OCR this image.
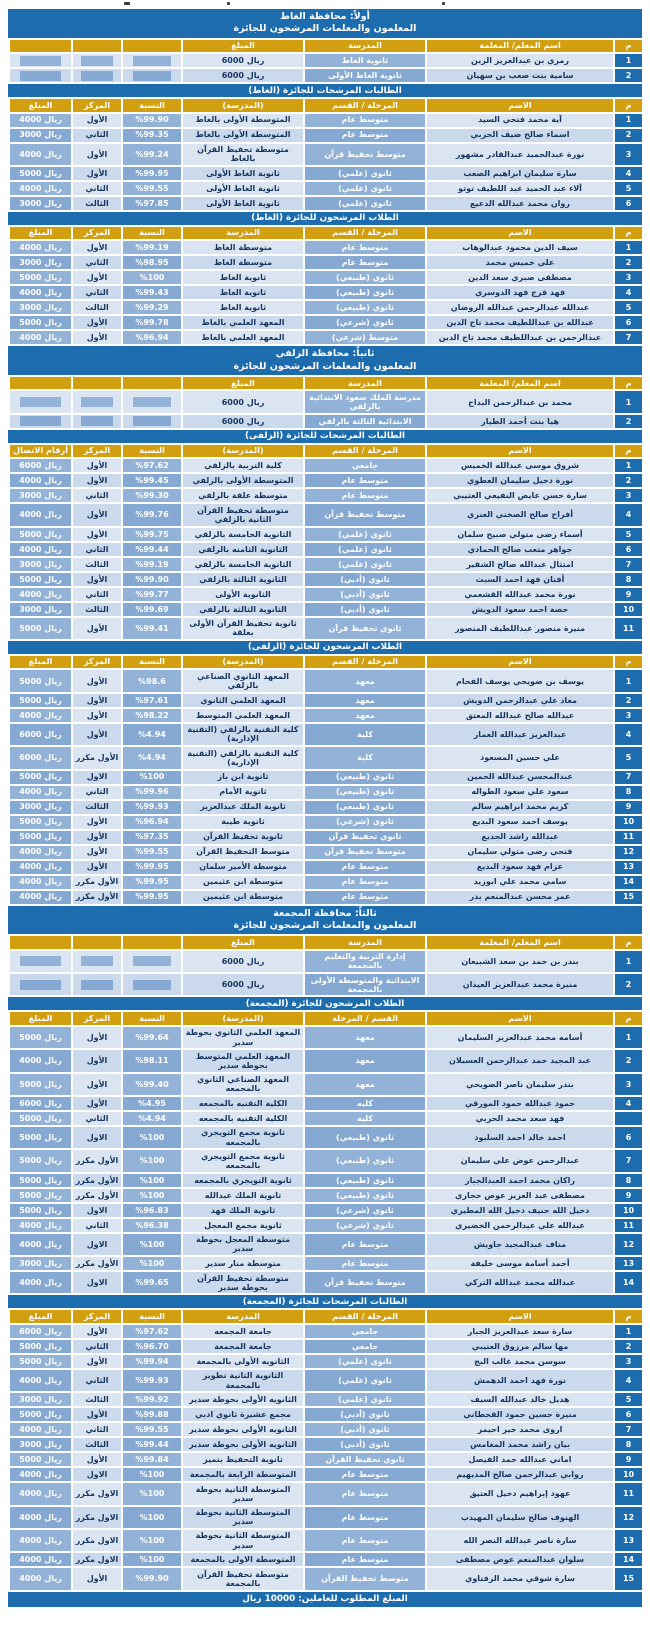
أولاً: محافظة الغاط
المعلمون والمعلمات المرشحون للجائزة
م
اسم المعلم/ المعلمة
المدرسة
المبلغ
1
رمزي بن عبدالعزيز الزين
ثانوية الغاط
6000 ريال
2
سامية بنت صعب بن سهيان
ثانوية الغاط الأولى
6000 ريال
الطالبات المرشحات للجائزة (الغاط)
م
الاسم
المرحلة / القسم
(المدرسة)
النسبة
المركز
المبلغ
1
آية محمد فتحي السيد
متوسط عام
المتوسطة الأولى بالغاط
%99.90
الأول
4000 ريال
2
اسماء صالح ضيف الحربي
متوسط عام
المتوسطة الأولى بالغاط
%99.35
الثاني
3000 ريال
3
نورة عبدالحميد عبدالقادر مشهور
متوسط تحفيظ قرآن
متوسطة تحفيظ القرآن بالغاط
%99.24
الأول
4000 ريال
4
سارة سليمان ابراهيم الصعب
ثانوي (علمي)
ثانوية الغاط الأولى
%99.95
الأول
5000 ريال
5
آلاء عبد الحميد عبد اللطيف توتو
ثانوي (علمي)
ثانوية الغاط الأولى
%99.55
الثاني
4000 ريال
6
روان محمد عبدالله الدعيع
ثانوي (علمي)
ثانوية الغاط الأولى
%97.85
الثالث
3000 ريال
الطلاب المرشحون للجائزة (الغاط)
م
الاسم
المرحلة / القسم
المدرسة
النسبة
المركز
المبلغ
1
سيف الدين محمود عبدالوهاب
متوسط عام
متوسطة الغاط
%99.19
الأول
4000 ريال
2
علي خميس محمد
متوسط عام
متوسطة الغاط
%98.95
الثاني
3000 ريال
3
مصطفى صبري سعد الدين
ثانوي (طبيعي)
ثانوية الغاط
%100
الأول
5000 ريال
4
فهد فرج فهد الدوسري
ثانوي (طبيعي)
ثانوية الغاط
%99.43
الثاني
4000 ريال
5
عبدالله عبدالرحمن عبدالله الروضان
ثانوي (طبيعي)
ثانوية الغاط
%99.29
الثالث
3000 ريال
6
عبدالله بن عبداللطيف محمد تاج الدين
ثانوي (شرعي)
المعهد العلمي بالغاط
%99.78
الأول
5000 ريال
7
عبدالرحمن بن عبداللطيف محمد تاج الدين
متوسط (شرعي)
المعهد العلمي بالغاط
%96.94
الأول
4000 ريال
ثانياً: محافظة الزلفي
المعلمون والمعلمات المرشحون للجائزة
م
اسم المعلم/ المعلمة
المدرسة
المبلغ
1
محمد بن عبدالرحمن البداح
مدرسة الملك سعود الابتدائية بالزلفي
6000 ريال
2
هيا بنت أحمد الطيار
الابتدائية الثالثة بالزلفي
6000 ريال
الطالبات المرشحات للجائزة (الزلفى)
م
الاسم
المرحلة / القسم
(المدرسة)
النسبة
المركز
أرقام الاتصال
1
شروق موسى عبدالله الخميس
جامعي
كلية التربية بالزلفي
%97.62
الأول
6000 ريال
2
نورة دخيل سليمان العطوي
متوسط عام
المتوسطة الأولى بالزلفي
%99.45
الأول
4000 ريال
3
سارة حسن عايض النفيعي العتيبي
متوسط عام
متوسطة علقة بالزلفي
%99.30
الثاني
3000 ريال
4
أفراح صالح الصخني العنزي
متوسط تحفيظ قرآن
متوسطة تحفيظ القرآن الثانية بالزلفي
%99.76
الأول
4000 ريال
5
أسماء رضى متولي صبيح سلمان
ثانوي (علمي)
الثانوية الخامسة بالزلفي
%99.75
الأول
5000 ريال
6
جواهر متعب صالح الحمادي
ثانوي (علمي)
الثانوية الثامنه بالزلفي
%99.44
الثاني
4000 ريال
7
امتثال عبدالله صالح الشقير
ثانوي (علمي)
الثانوية الخامسة بالزلفي
%99.19
الثالث
3000 ريال
8
أفنان فهد احمد السبت
ثانوي (أدبي)
الثانوية الثالثة بالزلفي
%99.90
الأول
5000 ريال
9
نورة محمد عبدالله القشعمي
ثانوي (أدبي)
الثانوية الأولى
%99.77
الثاني
4000 ريال
10
حصة احمد سعود الدويش
ثانوي (أدبي)
الثانوية الثالثة بالزلفي
%99.69
الثالث
3000 ريال
11
منيرة منصور عبداللطيف المنصور
ثانوي تحفيظ قرآن
ثانوية تحفيظ القرآن الأولى بعلقة
%99.41
الأول
5000 ريال
الطلاب المرشحون للجائزة (الزلفى)
م
الاسم
المرحلة / القسم
(المدرسة)
النسبة
المركز
المبلغ
1
يوسف بن ضويحي يوسف الفحام
معهد
المعهد الثانوي الصناعي بالزلفي
%98.6
الأول
5000 ريال
2
معاذ علي عبدالرحمن الدويش
معهد
المعهد العلمي الثانوي
%97.61
الأول
5000 ريال
3
عبدالله صالح عبدالله المعتق
معهد
المعهد العلمي المتوسط
%98.22
الأول
4000 ريال
4
عبدالعزيز عبدالله العمار
كلية
كلية التقنية بالزلفي (التقنية الإدارية)
%4.94
الأول
6000 ريال
5
علي حسين المسعود
كلية
كلية التقنية بالزلفي (التقنية الإدارية)
%4.94
الأول مكرر
6000 ريال
7
عبدالمحسن عبدالله الحمين
ثانوي (طبيعي)
ثانوية ابن باز
%100
الاول
5000 ريال
8
سعود علي سعود الطواله
ثانوي (طبيعي)
ثانوية الأمام
%99.96
الثاني
4000 ريال
9
كريم محمد ابراهيم سالم
ثانوي (طبيعي)
ثانوية الملك عبدالعزيز
%99.93
الثالث
3000 ريال
10
يوسف احمد سعود البديع
ثانوي (شرعي)
ثانوية طيبة
%96.94
الأول
5000 ريال
11
عبدالله راشد الجديع
ثانوي تحفيظ قرآن
ثانوية تحفيظ القرآن
%97.35
الأول
5000 ريال
12
فتحي رضى متولي سليمان
متوسط تحفيظ قرآن
متوسط التحفيظ القرآن
%99.55
الأول
4000 ريال
13
عزام فهد سعود البديع
متوسط عام
متوسطة الأمير سلمان
%99.95
الأول
4000 ريال
14
سامي محمد علي ابوزيد
متوسط عام
متوسطة ابن عثيمين
%99.95
الأول مكرر
4000 ريال
15
عمر محسن عبدالمنعم بدر
متوسط عام
متوسطة ابن عثيمين
%99.95
الأول مكرر
4000 ريال
ثالثاً: محافظة المجمعة
المعلمون والمعلمات المرشحون للجائزة
م
اسم المعلم/ المعلمة
المدرسة
المبلغ
1
بندر بن حمد بن سعد الشبيعان
إدارة التربية والتعليم بالمجمعة
6000 ريال
2
منيرة محمد عبدالعزيز العيدان
الابتدائية والمتوسطة الأولى بالمجمعة
6000 ريال
الطلاب المرشحون للجائزة (المجمعة)
م
الاسم
القسم / المرحلة
(المدرسة)
النسبة
المركز
المبلغ
1
أسامه محمد عبدالعزيز السليمان
معهد
المعهد العلمي الثانوي بحوطة سدير
%99.64
الأول
5000 ريال
2
عبد المجيد حمد عبدالرحمن العسيلان
معهد
المعهد العلمي المتوسط بحوطة سدير
%98.11
الأول
4000 ريال
3
بندر سليمان ناصر الضويحي
معهد
المعهد الصناعي الثانوي بالمجمعه
%99.40
الأول
5000 ريال
4
حمود عبدالله حمود المورقي
كليه
الكلية التقنيه بالمجمعه
%4.95
الأول
6000 ريال
فهد سعد محمد الحربي
كليه
الكلية التقنيه بالمجمعه
%4.94
الثاني
5000 ريال
6
احمد خالد احمد السلبود
ثانوي (طبيعي)
ثانوية مجمع التويجري بالمجمعه
%100
الاول
5000 ريال
7
عبدالرحمن عوض علي سليمان
ثانوي (طبيعي)
ثانوية مجمع التويجري بالمجمعه
%100
الأول مكرر
5000 ريال
8
راكان محمد احمد العبدالجبار
ثانوي (طبيعي)
ثانوية التويجري بالمجمعه
%100
الأول مكرر
5000 ريال
9
مصطفى عبد العزيز عوض حجازي
ثانوي (طبيعي)
ثانوية الملك عبدالله
%100
الأول مكرر
5000 ريال
10
دخيل الله حنيف دخيل الله المطيري
ثانوي (شرعي)
ثانوية الملك فهد
%96.83
الاول
5000 ريال
11
عبدالله علي عبدالرحمن الخضيري
ثانوي (شرعي)
ثانوية مجمع المعجل
%96.38
الثاني
4000 ريال
12
مناف عبدالمجيد جاويش
متوسط عام
متوسطة المعجل بحوطة سدير
%100
الاول
4000 ريال
13
أحمد أسامة موسى خليفة
متوسط عام
متوسطة منار سدير
%100
الأول مكرر
3000 ريال
14
عبدالله محمد عبدالله التركي
متوسط تحفيظ قرآن
متوسطة تحفيظ القرآن بحوطة سدير
%99.65
الاول
4000 ريال
الطالبات المرشحات للجائزة (المجمعة)
م
الاسم
المرحلة / القسم
المدرسة
النسبة
المركز
المبلغ
1
سارة سعد عبدالعزيز الجبار
جامعي
جامعة المجمعه
%97.62
الأول
6000 ريال
2
مها سالم مرزوق العتيبي
جامعي
جامعة المجمعة
%96.70
الثاني
5000 ريال
3
سوسن محمد غالب البج
ثانوي (علمي)
الثانويه الأولى بالمجمعة
%99.94
الأول
5000 ريال
4
نورة فهد احمد الدهمش
ثانوي (علمي)
الثانوية الثانية تطوير بالمجمعة
%99.93
الثاني
4000 ريال
5
هديل خالد عبدالله السيف
ثانوي (علمي)
الثانويه الأولى بحوطة سدير
%99.92
الثالث
3000 ريال
6
منيرة حسين حمود القحطاني
ثانوي (أدبي)
مجمع عشيرة ثانوي ادبي
%99.88
الأول
5000 ريال
7
اروى محمد خير احيمر
ثانوي (أدبي)
الثانويه الأولى بحوطة سدير
%99.55
الثاني
4000 ريال
8
بيان راشد محمد المغامس
ثانوي (أدبي)
الثانويه الأولى بحوطة سدير
%99.44
الثالث
3000 ريال
9
اماني عبدالله حمد الفيصل
ثانوي تحفيظ القرآن
ثانوية التحفيظ بتمير
%99.84
الأول
5000 ريال
10
روابي عبدالرحمن صالح المديهيم
متوسط عام
المتوسطة الرابعة بالمجمعة
%100
الاول
4000 ريال
11
عهود إبراهيم دخيل العتيق
متوسط عام
المتوسطة الثانية بحوطة سدير
%100
الاول مكرر
4000 ريال
12
الهنوف صالح سليمان المهيدب
متوسط عام
المتوسطة الثانية بحوطة سدير
%100
الاول مكرر
4000 ريال
13
سارة ناصر عبدالله النصر الله
متوسط عام
المتوسطة الثانية بحوطة سدير
%100
الاول مكرر
4000 ريال
14
سلوان عبدالمنعم عوض مصطفى
متوسط عام
المتوسطة الاولى بالمجمعة
%100
الاول مكرر
4000 ريال
15
سارة شوقي محمد الزفتاوي
متوسط تحفيظ القرآن
متوسطة تحفيظ القرآن بالمجمعة
%99.90
الأول
4000 ريال
المبلغ المطلوب للعاملين: 10000 ريال
